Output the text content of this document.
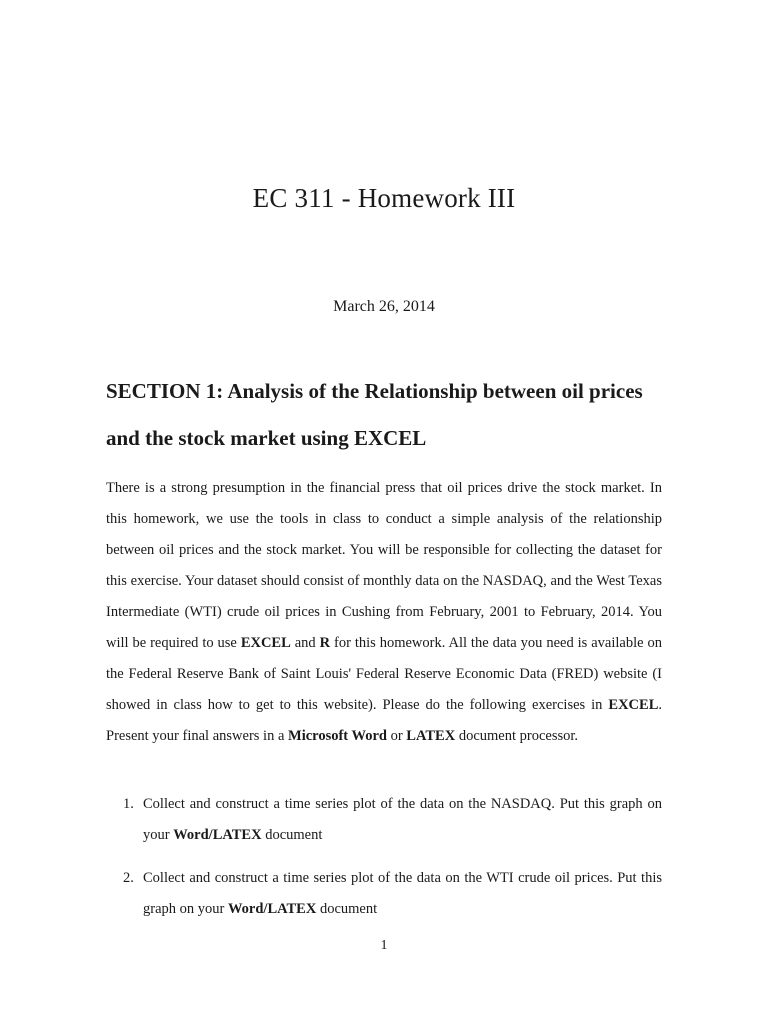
EC 311 - Homework III
March 26, 2014
SECTION 1: Analysis of the Relationship between oil prices and the stock market using EXCEL
There is a strong presumption in the financial press that oil prices drive the stock market. In this homework, we use the tools in class to conduct a simple analysis of the relationship between oil prices and the stock market. You will be responsible for collecting the dataset for this exercise. Your dataset should consist of monthly data on the NASDAQ, and the West Texas Intermediate (WTI) crude oil prices in Cushing from February, 2001 to February, 2014. You will be required to use EXCEL and R for this homework. All the data you need is available on the Federal Reserve Bank of Saint Louis' Federal Reserve Economic Data (FRED) website (I showed in class how to get to this website). Please do the following exercises in EXCEL. Present your final answers in a Microsoft Word or LATEX document processor.
1. Collect and construct a time series plot of the data on the NASDAQ. Put this graph on your Word/LATEX document
2. Collect and construct a time series plot of the data on the WTI crude oil prices. Put this graph on your Word/LATEX document
1
